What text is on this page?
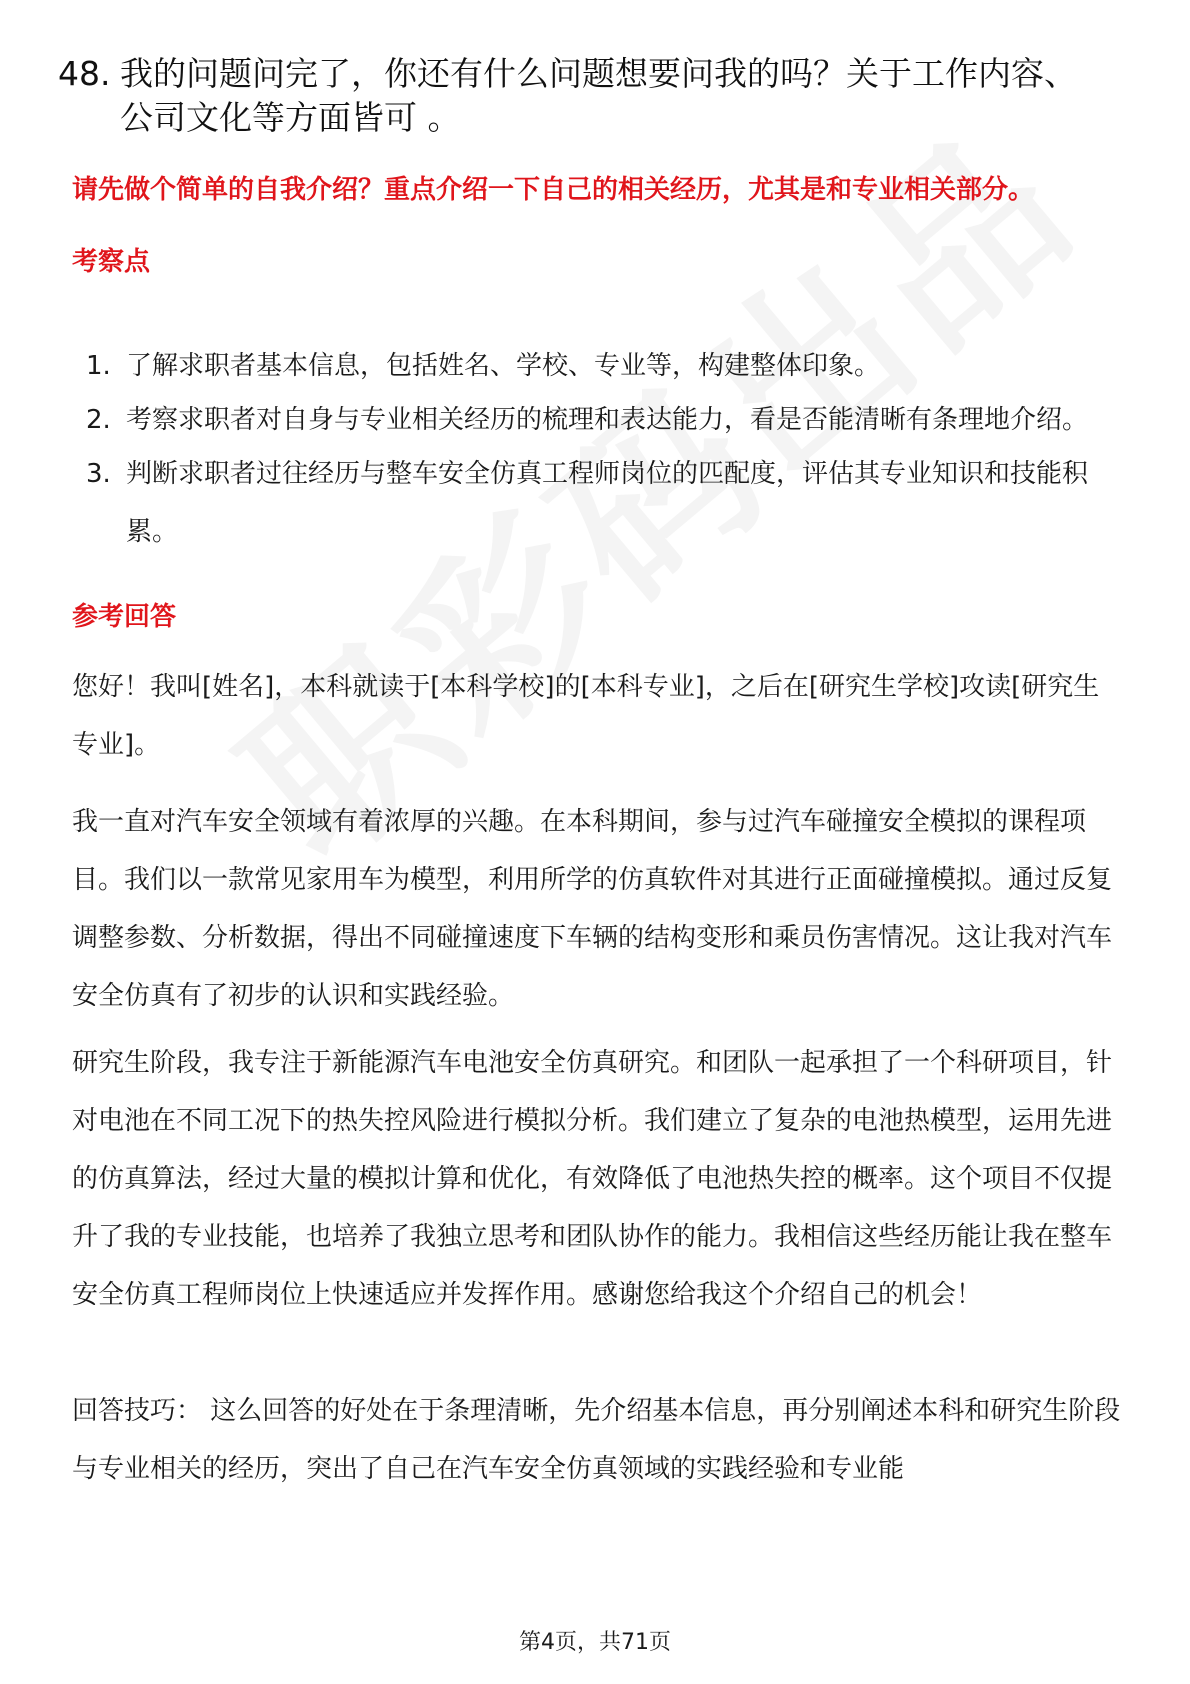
48. 我的问题问完了，你还有什么问题想要问我的吗？关于工作内容、公司文化等方面皆可 。
请先做个简单的自我介绍？重点介绍一下自己的相关经历，尤其是和专业相关部分。
考察点
1. 了解求职者基本信息，包括姓名、学校、专业等，构建整体印象。
2. 考察求职者对自身与专业相关经历的梳理和表达能力，看是否能清晰有条理地介绍。
3. 判断求职者过往经历与整车安全仿真工程师岗位的匹配度，评估其专业知识和技能积累。
参考回答

您好！我叫[姓名]，本科就读于[本科学校]的[本科专业]，之后在[研究生学校]攻读[研究生专业]。

我一直对汽车安全领域有着浓厚的兴趣。在本科期间，参与过汽车碰撞安全模拟的课程项目。我们以一款常见家用车为模型，利用所学的仿真软件对其进行正面碰撞模拟。通过反复调整参数、分析数据，得出不同碰撞速度下车辆的结构变形和乘员伤害情况。这让我对汽车安全仿真有了初步的认识和实践经验。

研究生阶段，我专注于新能源汽车电池安全仿真研究。和团队一起承担了一个科研项目，针对电池在不同工况下的热失控风险进行模拟分析。我们建立了复杂的电池热模型，运用先进的仿真算法，经过大量的模拟计算和优化，有效降低了电池热失控的概率。这个项目不仅提升了我的专业技能，也培养了我独立思考和团队协作的能力。我相信这些经历能让我在整车安全仿真工程师岗位上快速适应并发挥作用。感谢您给我这个介绍自己的机会！

回答技巧： 这么回答的好处在于条理清晰，先介绍基本信息，再分别阐述本科和研究生阶段与专业相关的经历，突出了自己在汽车安全仿真领域的实践经验和专业能

第4页，共71页
